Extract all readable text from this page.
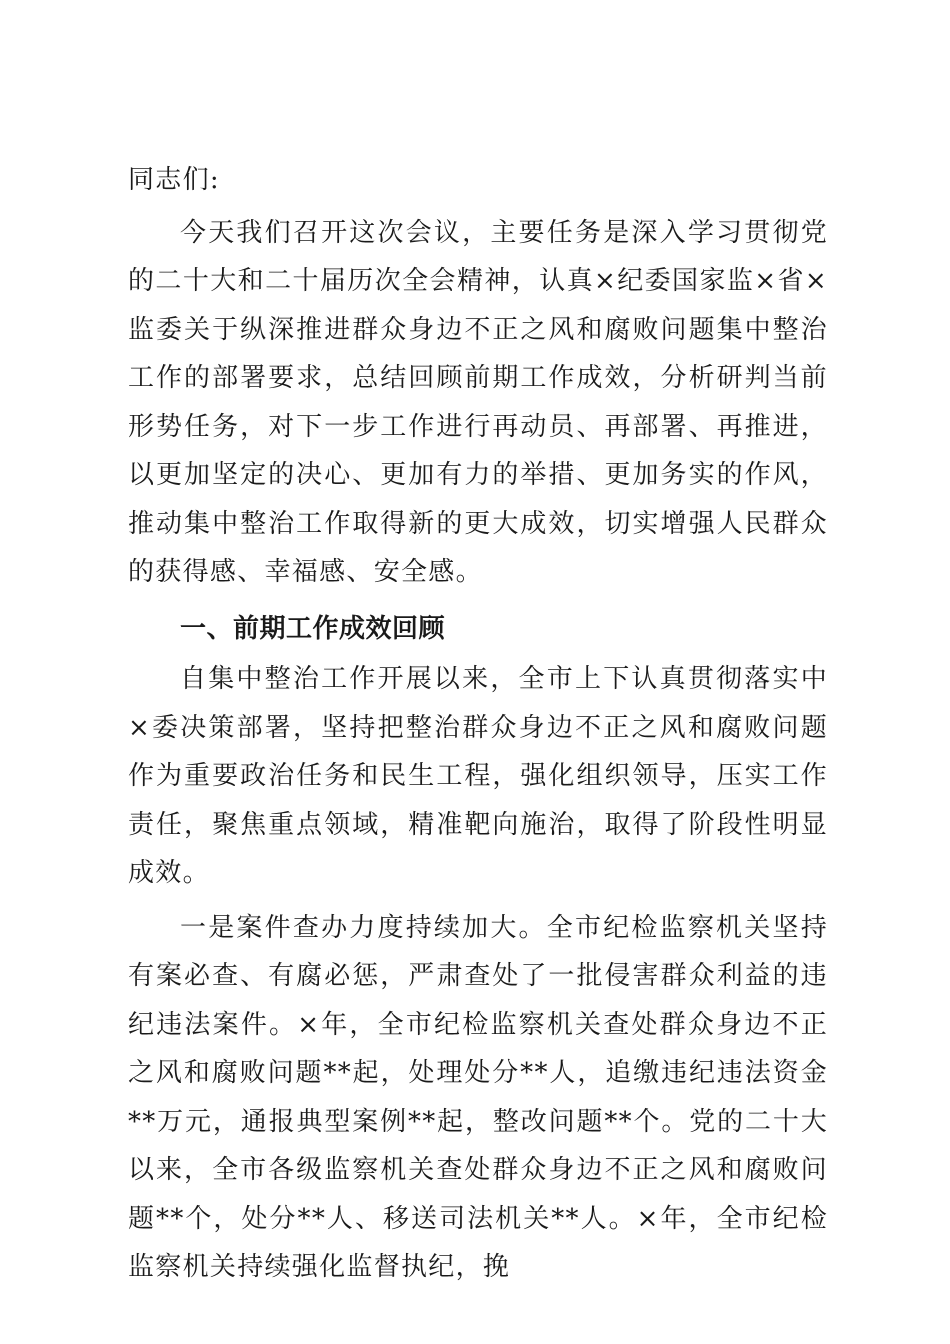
同志们:

今天我们召开这次会议，主要任务是深入学习贯彻党的二十大和二十届历次全会精神，认真×纪委国家监×省×监委关于纵深推进群众身边不正之风和腐败问题集中整治工作的部署要求，总结回顾前期工作成效，分析研判当前形势任务，对下一步工作进行再动员、再部署、再推进，以更加坚定的决心、更加有力的举措、更加务实的作风，推动集中整治工作取得新的更大成效，切实增强人民群众的获得感、幸福感、安全感。

一、前期工作成效回顾

自集中整治工作开展以来，全市上下认真贯彻落实中×委决策部署，坚持把整治群众身边不正之风和腐败问题作为重要政治任务和民生工程，强化组织领导，压实工作责任，聚焦重点领域，精准靶向施治，取得了阶段性明显成效。

一是案件查办力度持续加大。全市纪检监察机关坚持有案必查、有腐必惩，严肃查处了一批侵害群众利益的违纪违法案件。×年，全市纪检监察机关查处群众身边不正之风和腐败问题**起，处理处分**人，追缴违纪违法资金**万元，通报典型案例**起，整改问题**个。党的二十大以来，全市各级监察机关查处群众身边不正之风和腐败问题**个，处分**人、移送司法机关**人。×年，全市纪检监察机关持续强化监督执纪，挽
